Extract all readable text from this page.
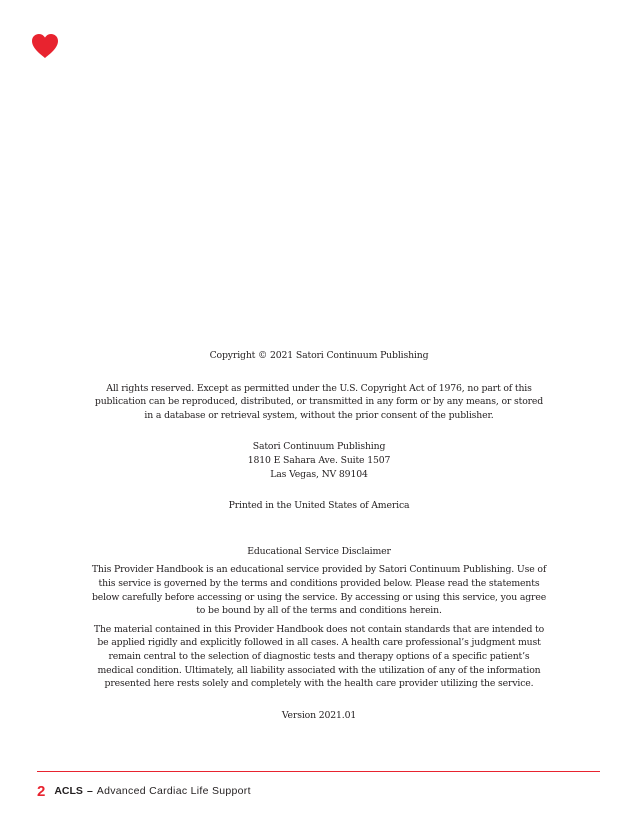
Copyright © 2021 Satori Continuum Publishing

All rights reserved. Except as permitted under the U.S. Copyright Act of 1976, no part of this publication can be reproduced, distributed, or transmitted in any form or by any means, or stored in a database or retrieval system, without the prior consent of the publisher.

Satori Continuum Publishing

1810 E Sahara Ave. Suite 1507

Las Vegas, NV 89104

Printed in the United States of America

Educational Service Disclaimer

This Provider Handbook is an educational service provided by Satori Continuum Publishing. Use of this service is governed by the terms and conditions provided below. Please read the statements below carefully before accessing or using the service. By accessing or using this service, you agree to be bound by all of the terms and conditions herein.

The material contained in this Provider Handbook does not contain standards that are intended to be applied rigidly and explicitly followed in all cases. A health care professional’s judgment must remain central to the selection of diagnostic tests and therapy options of a specific patient’s medical condition. Ultimately, all liability associated with the utilization of any of the information presented here rests solely and completely with the health care provider utilizing the service.

Version 2021.01

2 ACLS – Advanced Cardiac Life Support
